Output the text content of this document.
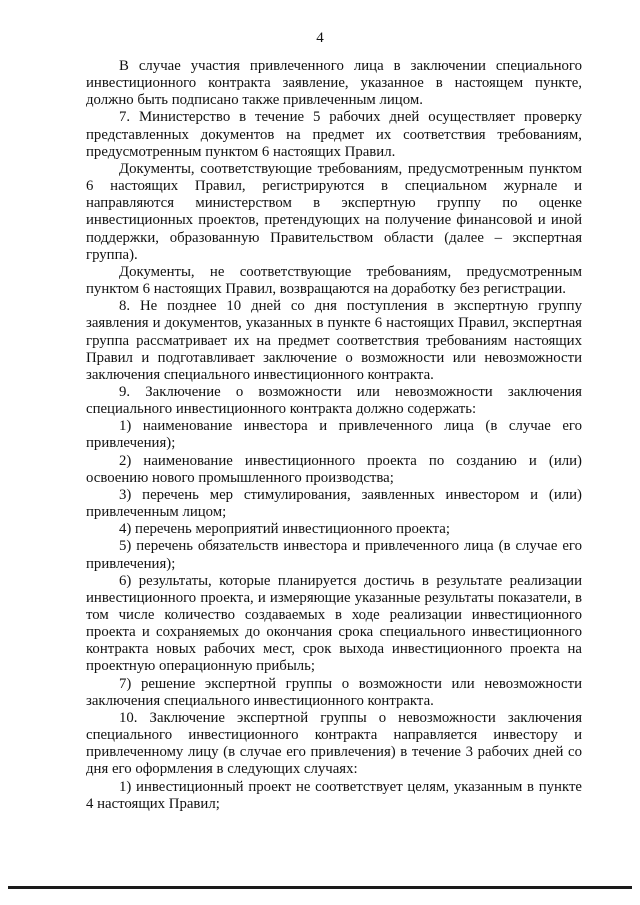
4

В случае участия привлеченного лица в заключении специального инвестиционного контракта заявление, указанное в настоящем пункте, должно быть подписано также привлеченным лицом.

7. Министерство в течение 5 рабочих дней осуществляет проверку представленных документов на предмет их соответствия требованиям, предусмотренным пунктом 6 настоящих Правил.

Документы, соответствующие требованиям, предусмотренным пунктом 6 настоящих Правил, регистрируются в специальном журнале и направляются министерством в экспертную группу по оценке инвестиционных проектов, претендующих на получение финансовой и иной поддержки, образованную Правительством области (далее – экспертная группа).

Документы, не соответствующие требованиям, предусмотренным пунктом 6 настоящих Правил, возвращаются на доработку без регистрации.

8. Не позднее 10 дней со дня поступления в экспертную группу заявления и документов, указанных в пункте 6 настоящих Правил, экспертная группа рассматривает их на предмет соответствия требованиям настоящих Правил и подготавливает заключение о возможности или невозможности заключения специального инвестиционного контракта.

9. Заключение о возможности или невозможности заключения специального инвестиционного контракта должно содержать:

1) наименование инвестора и привлеченного лица (в случае его привлечения);

2) наименование инвестиционного проекта по созданию и (или) освоению нового промышленного производства;

3) перечень мер стимулирования, заявленных инвестором и (или) привлеченным лицом;

4) перечень мероприятий инвестиционного проекта;

5) перечень обязательств инвестора и привлеченного лица (в случае его привлечения);

6) результаты, которые планируется достичь в результате реализации инвестиционного проекта, и измеряющие указанные результаты показатели, в том числе количество создаваемых в ходе реализации инвестиционного проекта и сохраняемых до окончания срока специального инвестиционного контракта новых рабочих мест, срок выхода инвестиционного проекта на проектную операционную прибыль;

7) решение экспертной группы о возможности или невозможности заключения специального инвестиционного контракта.

10. Заключение экспертной группы о невозможности заключения специального инвестиционного контракта направляется инвестору и привлеченному лицу (в случае его привлечения) в течение 3 рабочих дней со дня его оформления в следующих случаях:

1) инвестиционный проект не соответствует целям, указанным в пункте 4 настоящих Правил;
